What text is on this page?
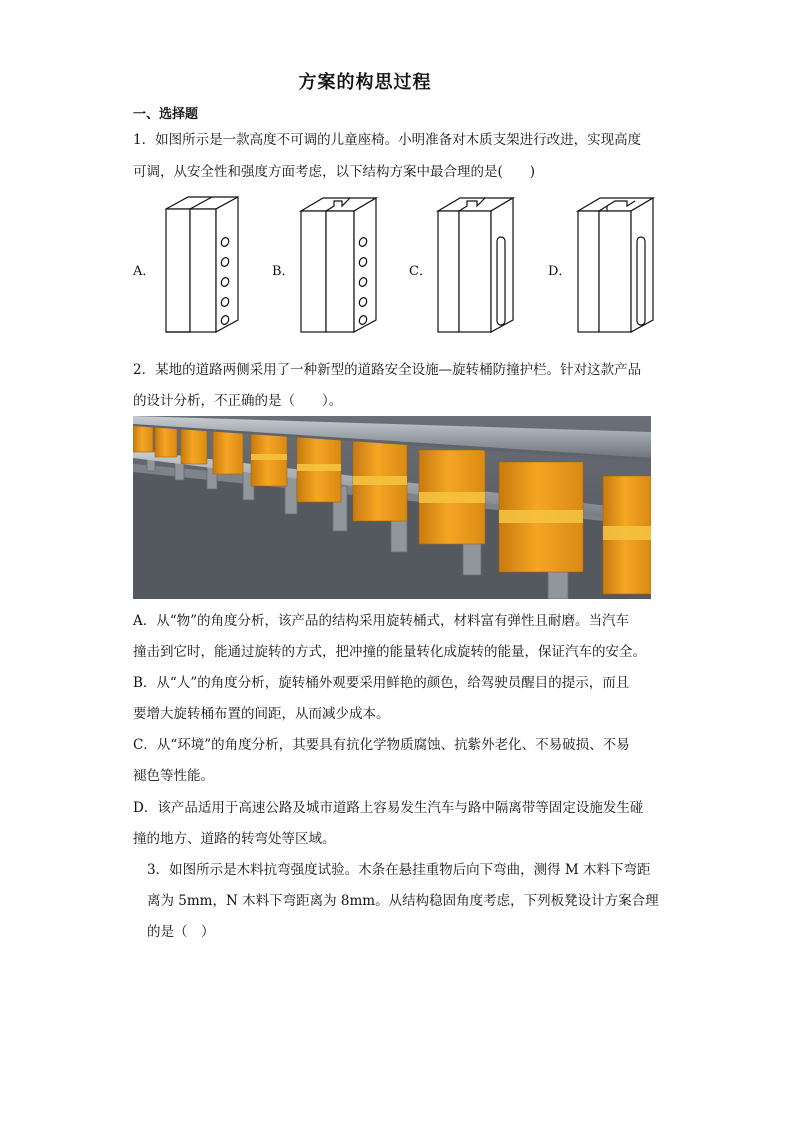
方案的构思过程
一、选择题
1．如图所示是一款高度不可调的儿童座椅。小明准备对木质支架进行改进，实现高度
可调，从安全性和强度方面考虑，以下结构方案中最合理的是(　　)
A．	B．	C．	D．
2．某地的道路两侧采用了一种新型的道路安全设施—旋转桶防撞护栏。针对这款产品
的设计分析，不正确的是（　　）。
A．从“物”的角度分析，该产品的结构采用旋转桶式，材料富有弹性且耐磨。当汽车
撞击到它时，能通过旋转的方式，把冲撞的能量转化成旋转的能量，保证汽车的安全。
B．从“人”的角度分析，旋转桶外观要采用鲜艳的颜色，给驾驶员醒目的提示，而且
要增大旋转桶布置的间距，从而减少成本。
C．从“环境”的角度分析，其要具有抗化学物质腐蚀、抗紫外老化、不易破损、不易
褪色等性能。
D．该产品适用于高速公路及城市道路上容易发生汽车与路中隔离带等固定设施发生碰
撞的地方、道路的转弯处等区域。
3．如图所示是木料抗弯强度试验。木条在悬挂重物后向下弯曲，测得 M 木料下弯距
离为 5mm，N 木料下弯距离为 8mm。从结构稳固角度考虑，下列板凳设计方案合理
的是（　）
